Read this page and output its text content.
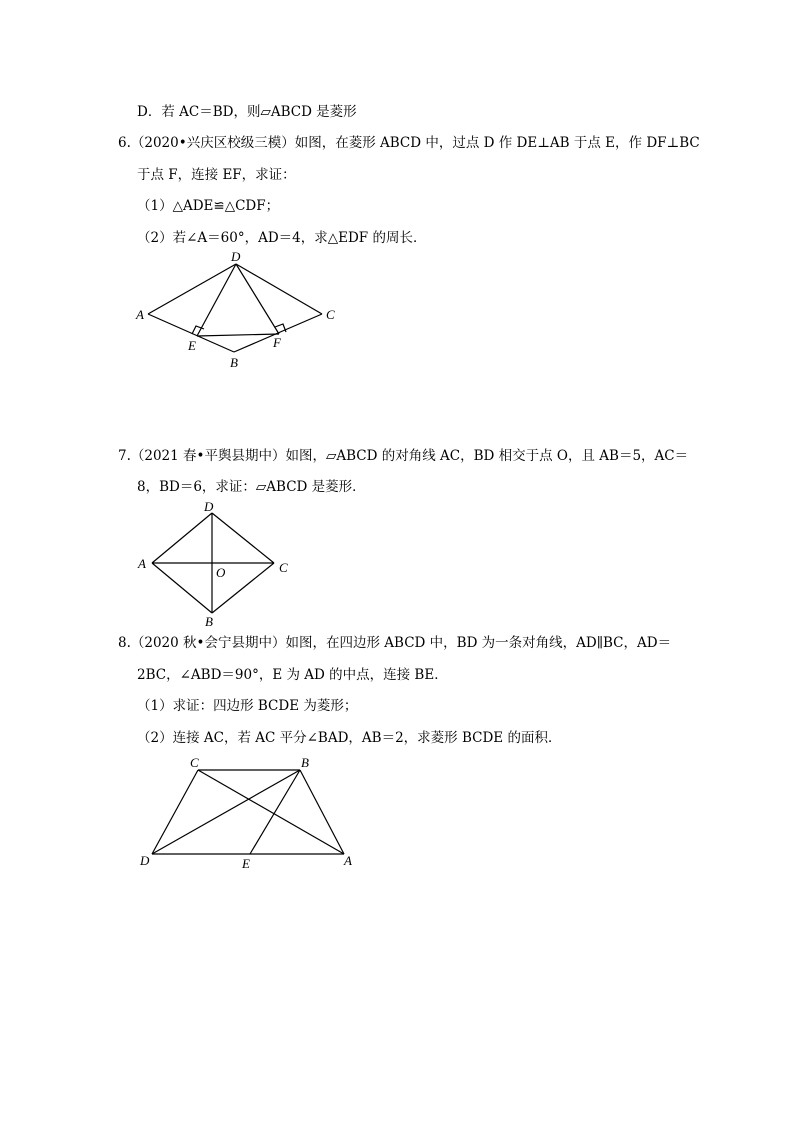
D．若 AC＝BD，则▱ABCD 是菱形
6.（2020•兴庆区校级三模）如图，在菱形 ABCD 中，过点 D 作 DE⊥AB 于点 E，作 DF⊥BC
于点 F，连接 EF，求证：
（1）△ADE≌△CDF；
（2）若∠A＝60°，AD＝4，求△EDF 的周长．
A
D
C
B
E	F
7.（2021 春•平舆县期中）如图，▱ABCD 的对角线 AC，BD 相交于点 O，且 AB＝5，AC＝
8，BD＝6，求证：▱ABCD 是菱形．
A
D
C
B
O
8.（2020 秋•会宁县期中）如图，在四边形 ABCD 中，BD 为一条对角线，AD∥BC，AD＝
2BC，∠ABD＝90°，E 为 AD 的中点，连接 BE．
（1）求证：四边形 BCDE 为菱形；
（2）连接 AC，若 AC 平分∠BAD，AB＝2，求菱形 BCDE 的面积．
C	B
D	E	A
